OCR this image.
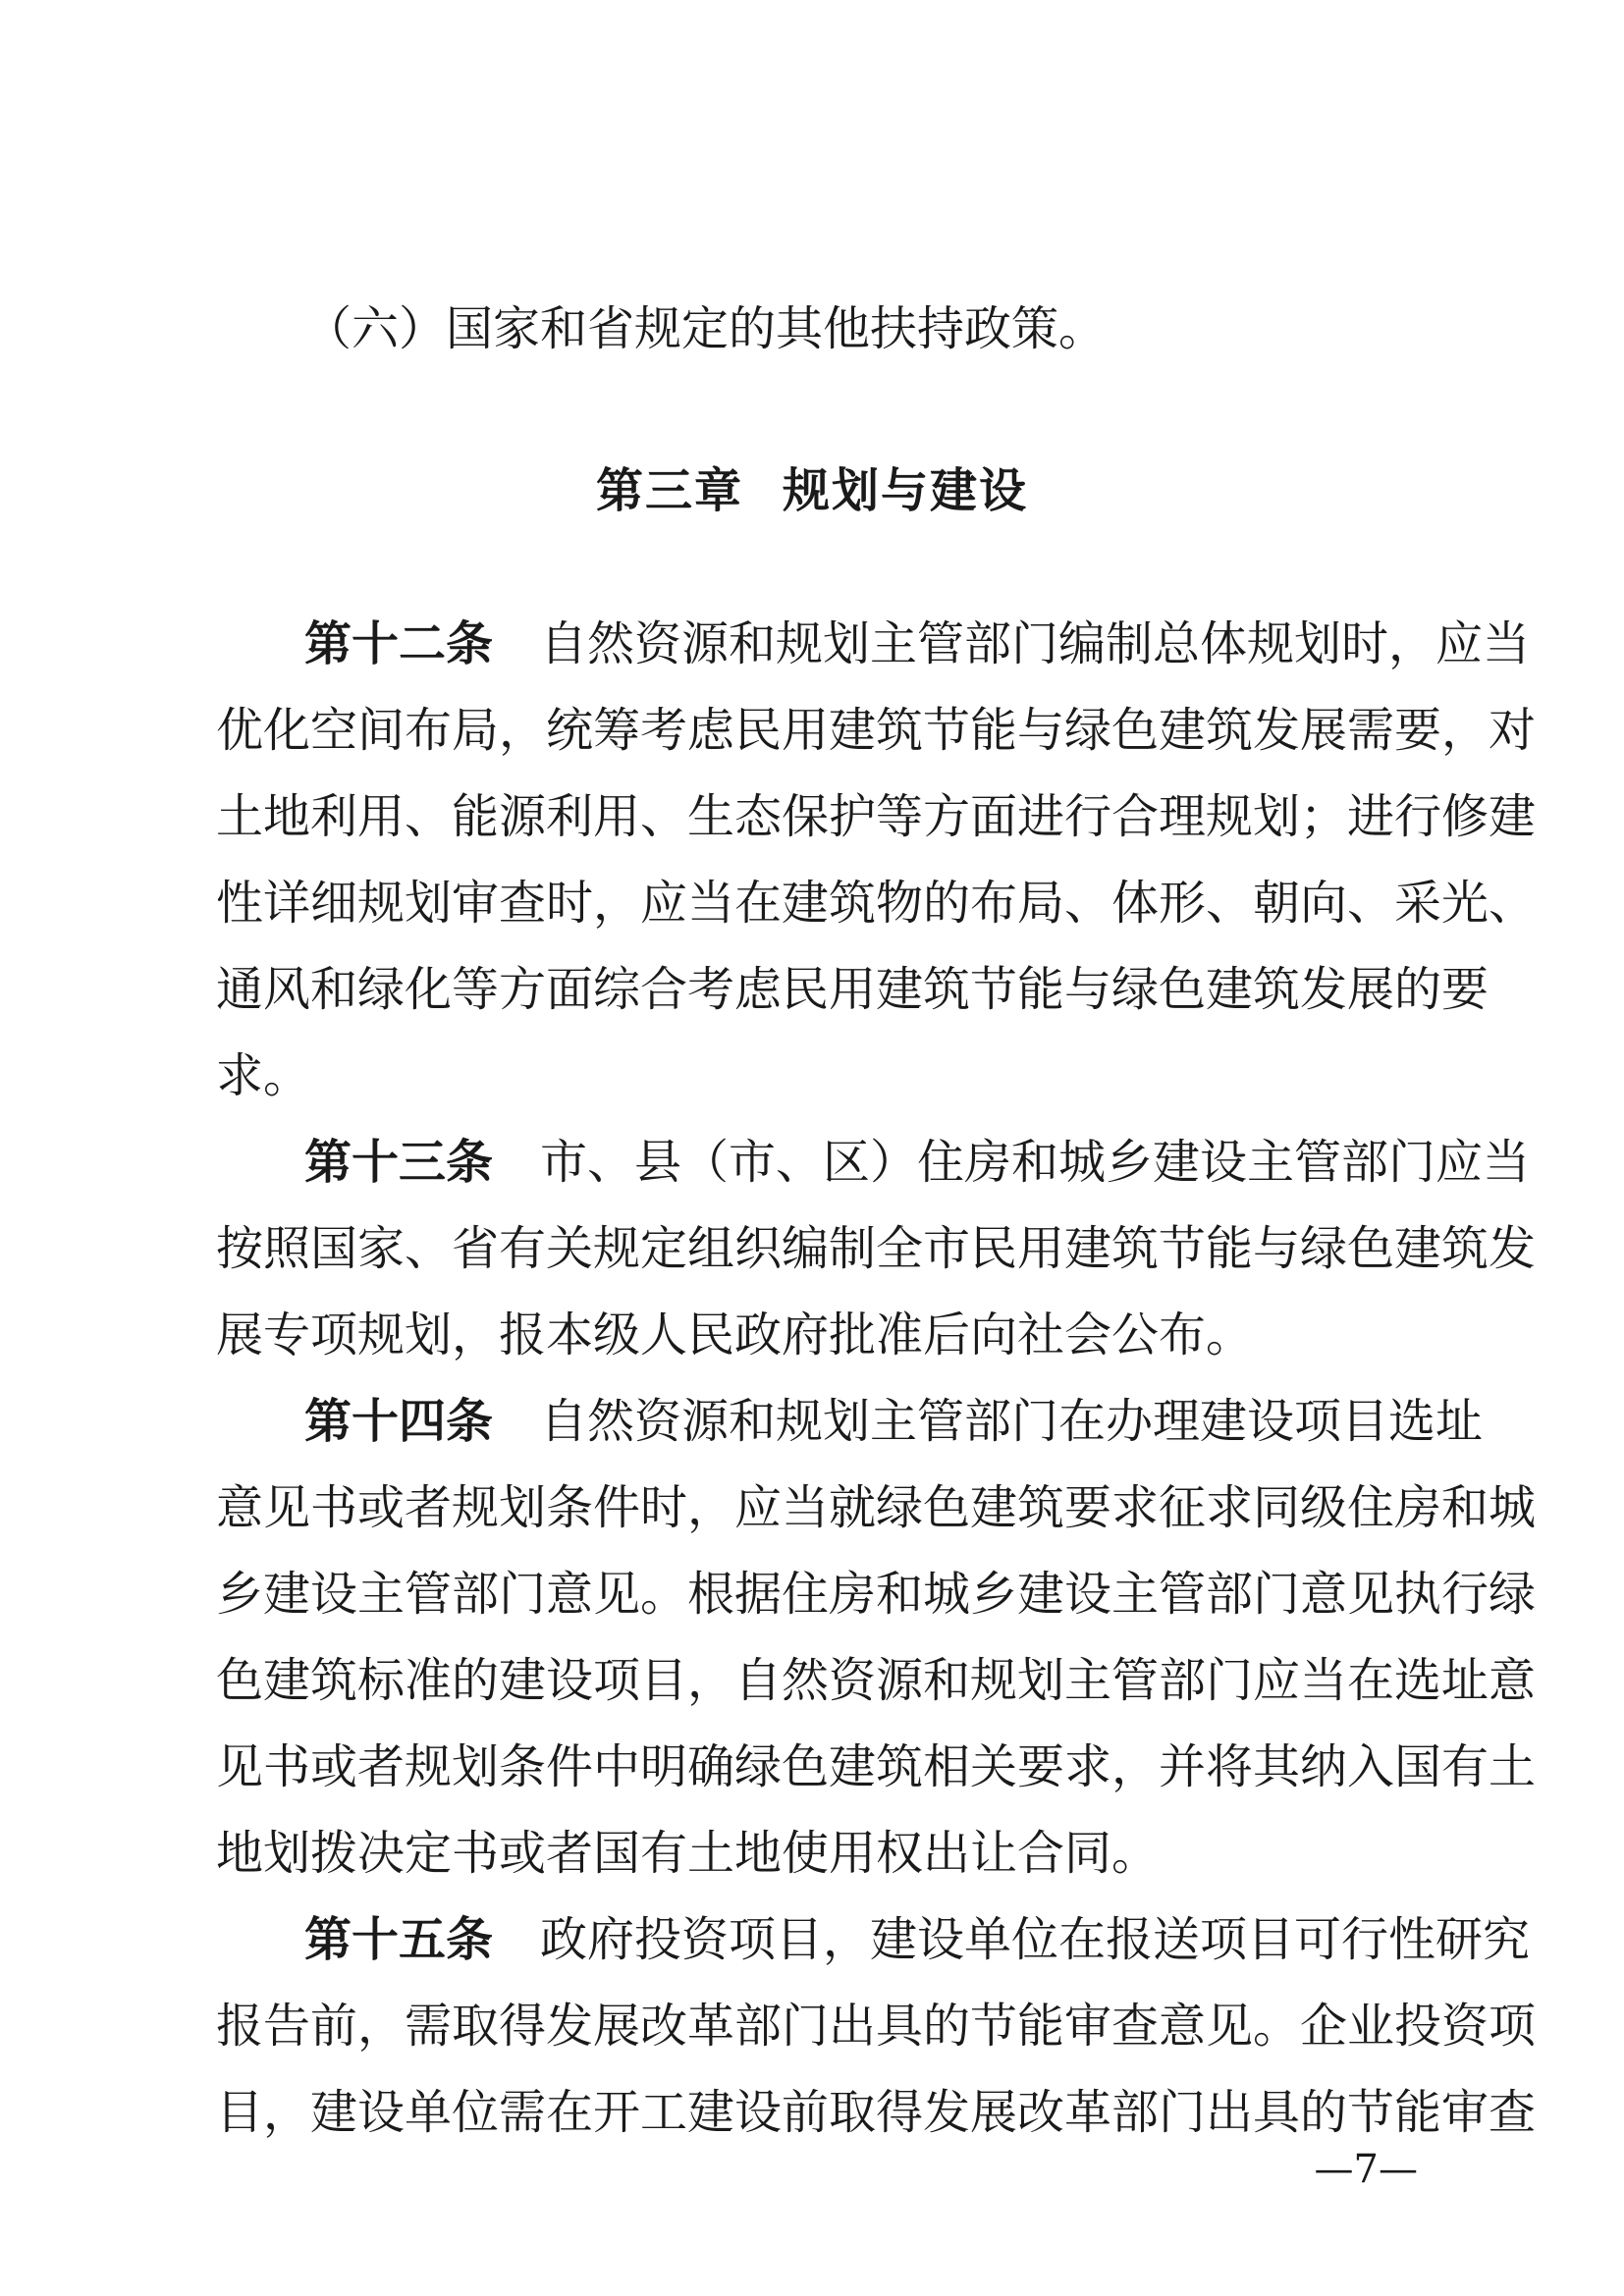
（六）国家和省规定的其他扶持政策。
第三章 规划与建设
第十二条 自然资源和规划主管部门编制总体规划时，应当
优化空间布局，统筹考虑民用建筑节能与绿色建筑发展需要，对
土地利用、能源利用、生态保护等方面进行合理规划；进行修建
性详细规划审查时，应当在建筑物的布局、体形、朝向、采光、
通风和绿化等方面综合考虑民用建筑节能与绿色建筑发展的要
求。
第十三条 市、县（市、区）住房和城乡建设主管部门应当
按照国家、省有关规定组织编制全市民用建筑节能与绿色建筑发
展专项规划，报本级人民政府批准后向社会公布。
第十四条 自然资源和规划主管部门在办理建设项目选址
意见书或者规划条件时，应当就绿色建筑要求征求同级住房和城
乡建设主管部门意见。根据住房和城乡建设主管部门意见执行绿
色建筑标准的建设项目，自然资源和规划主管部门应当在选址意
见书或者规划条件中明确绿色建筑相关要求，并将其纳入国有土
地划拨决定书或者国有土地使用权出让合同。
第十五条 政府投资项目，建设单位在报送项目可行性研究
报告前，需取得发展改革部门出具的节能审查意见。企业投资项
目，建设单位需在开工建设前取得发展改革部门出具的节能审查
—7—
